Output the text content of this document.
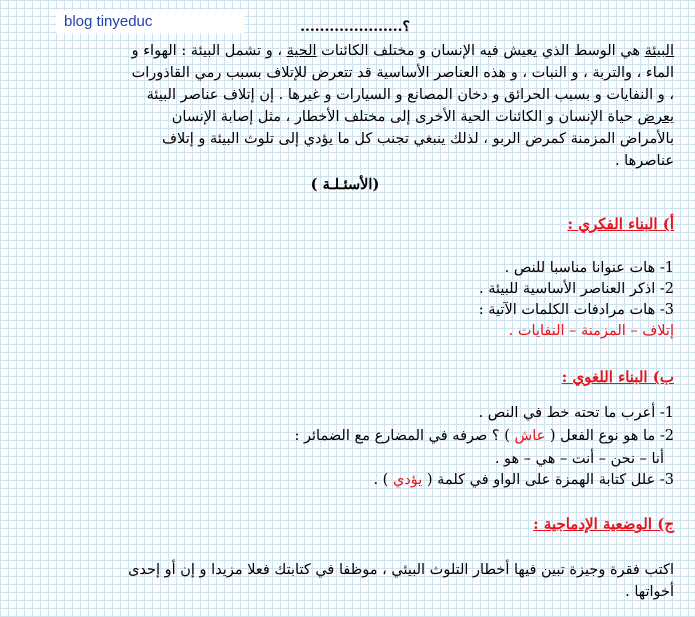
blog tinyeduc	.....................؟

البيئة هي الوسط الذي يعيش فيه الإنسان و مختلف الكائنات الحية ، و تشمل البيئة : الهواء و

الماء ، والتربة ، و النبات ، و هذه العناصر الأساسية قد تتعرض للإتلاف بسبب رمي القاذورات

، و النفايات و بسبب الحرائق و دخان المصانع و السيارات و غيرها . إن إتلاف عناصر البيئة

يعرض حياة الإنسان و الكائنات الحية الأخرى إلى مختلف الأخطار ، مثل إصابة الإنسان

بالأمراض المزمنة كمرض الربو ، لذلك ينبغي تجنب كل ما يؤدي إلى تلوث البيئة و إتلاف

عناصرها .

(الأسئـلـة )
أ) البناء الفكري :
1- هات عنوانا مناسبا للنص .
2- اذكر العناصر الأساسية للبيئة .
3- هات مرادفات الكلمات الآتية :
إتلاف – المزمنة – النفايات .
ب) البناء اللغوي :
1- أعرب ما تحته خط في النص .
2- ما هو نوع الفعل ( عاش ) ؟ صرفه في المضارع مع الضمائر :
أنا – نحن – أنت – هي – هو .
3- علل كتابة الهمزة على الواو في كلمة ( يؤدي ) .
ج) الوضعية الإدماجية :
اكتب فقرة وجيزة تبين فيها أخطار التلوث البيئي ، موظفا في كتابتك فعلا مزيدا و إن أو إحدى
أخواتها .
